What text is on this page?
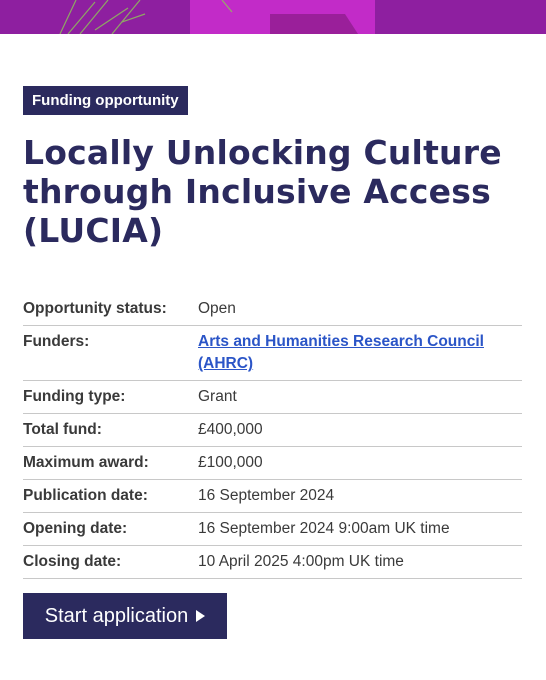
Funding opportunity
Locally Unlocking Culture through Inclusive Access (LUCIA)
Opportunity status:	Open
Funders:	Arts and Humanities Research Council (AHRC)
Funding type:	Grant
Total fund:	£400,000
Maximum award:	£100,000
Publication date:	16 September 2024
Opening date:	16 September 2024 9:00am UK time
Closing date:	10 April 2025 4:00pm UK time
Start application
